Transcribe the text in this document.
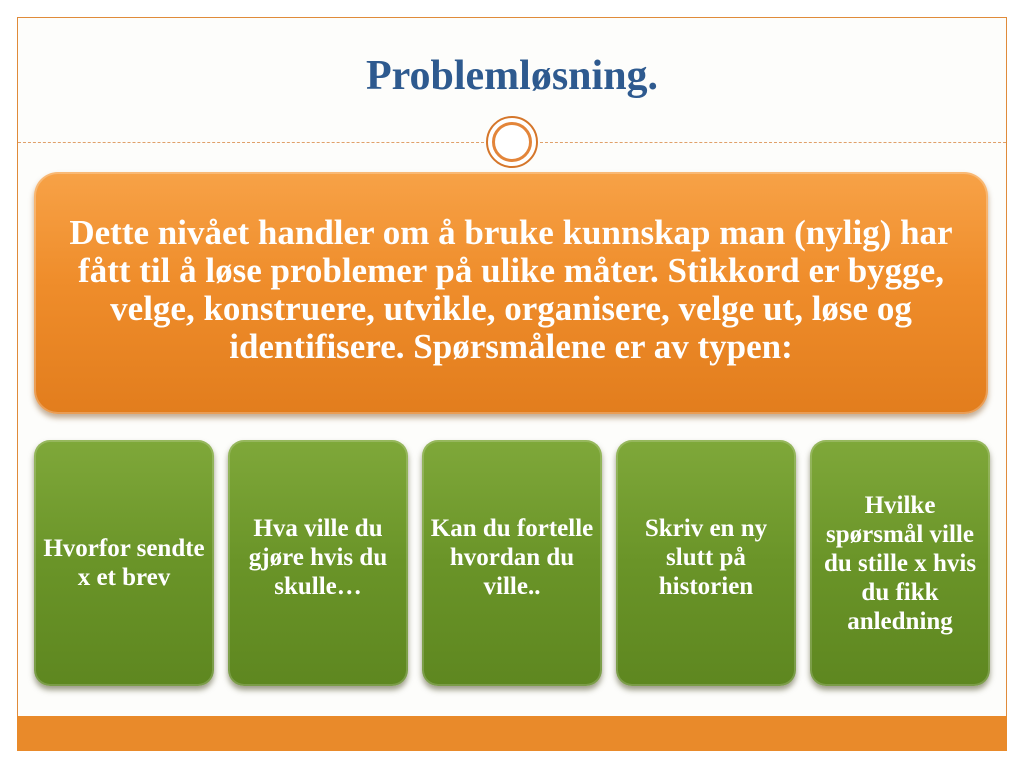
Problemløsning.

Dette nivået handler om å bruke kunnskap man (nylig) har fått til å løse problemer på ulike måter. Stikkord er bygge, velge, konstruere, utvikle, organisere, velge ut, løse og identifisere. Spørsmålene er av typen:

Hvorfor sendte x et brev

Hva ville du gjøre hvis du skulle…

Kan du fortelle hvordan du ville..

Skriv en ny slutt på historien

Hvilke spørsmål ville du stille x hvis du fikk anledning
